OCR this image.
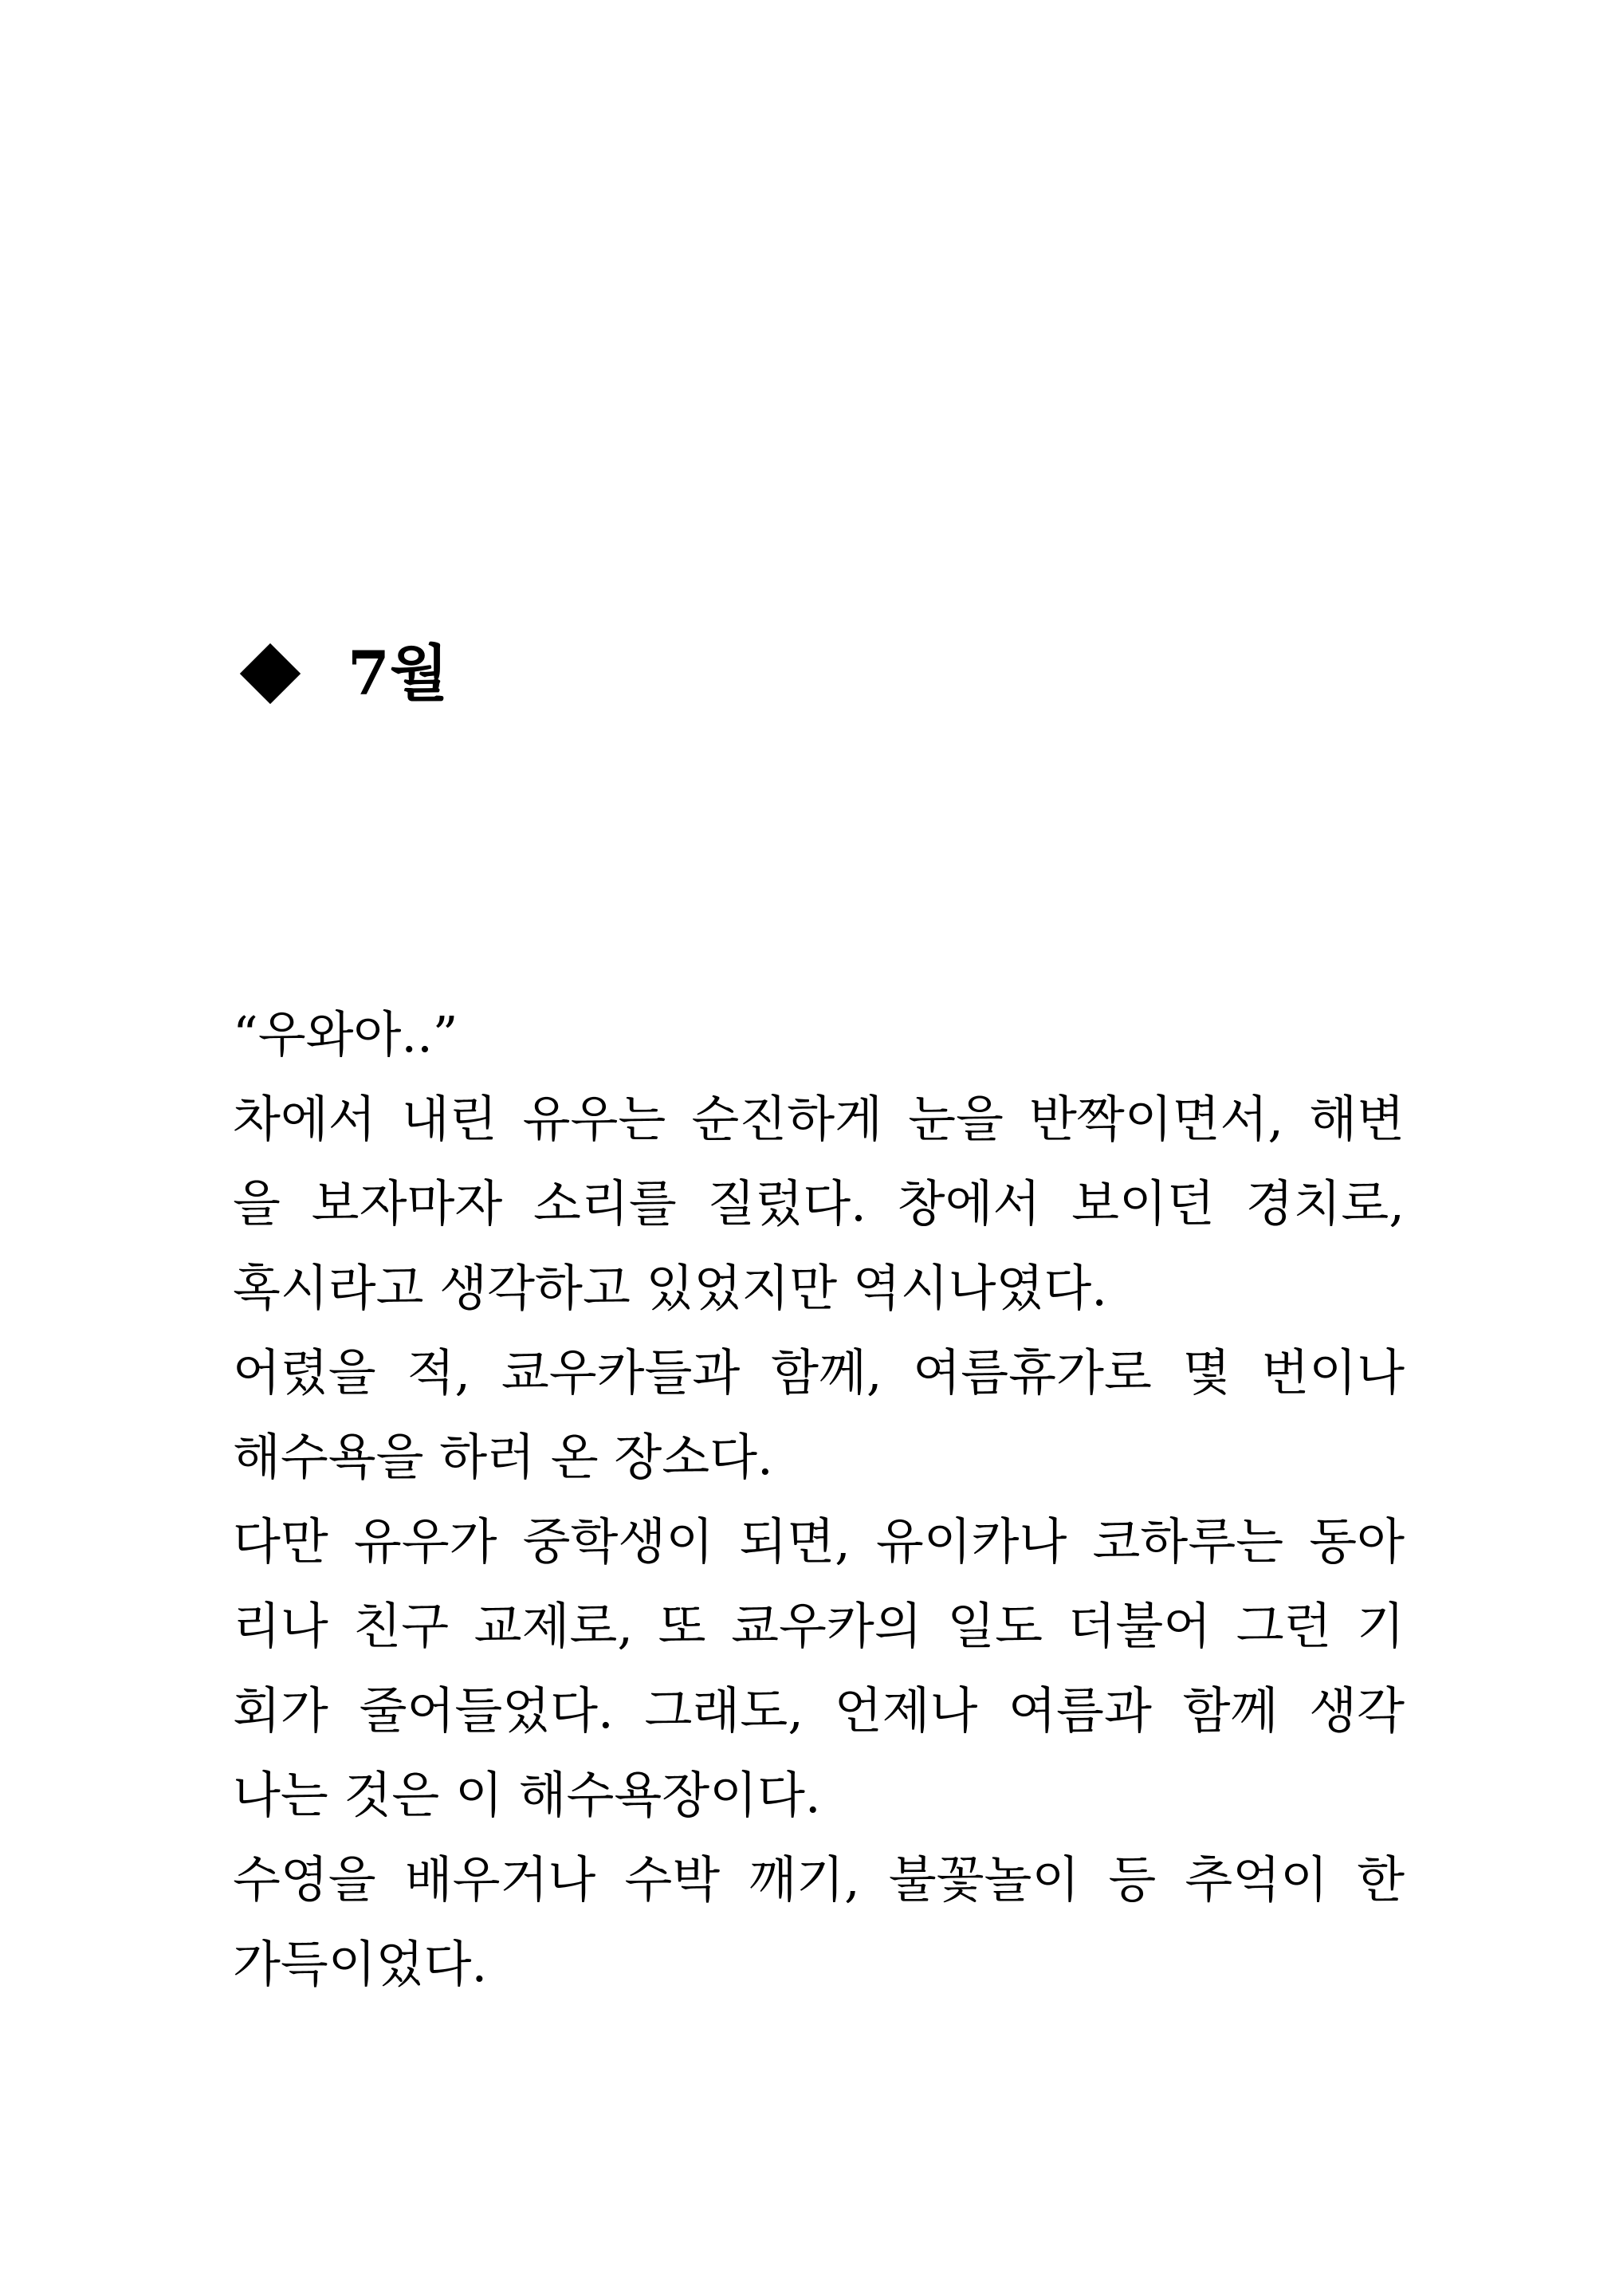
7월
“우와아..”
차에서 내린 유우는 순진하게 눈을 반짝이면서, 해변
을 보자마자 소리를 질렀다. 창에서 보이던 경치로,
혹시라고 생각하고 있었지만 역시나였다.
어렸을 적, 쿄우카들과 함께, 여름휴가로 몇 번이나
해수욕을 하러 온 장소다.
다만 유우가 중학생이 되면, 유이카나 코하루는 동아
리나 친구 교제로, 또 쿄우카의 일도 더불어 그런 기
회가 줄어들었다. 그래도, 언제나 여름과 함께 생각
나는 것은 이 해수욕장이다.
수영을 배우거나 수박 깨기, 불꽃놀이 등 추억이 한
가득이었다.
